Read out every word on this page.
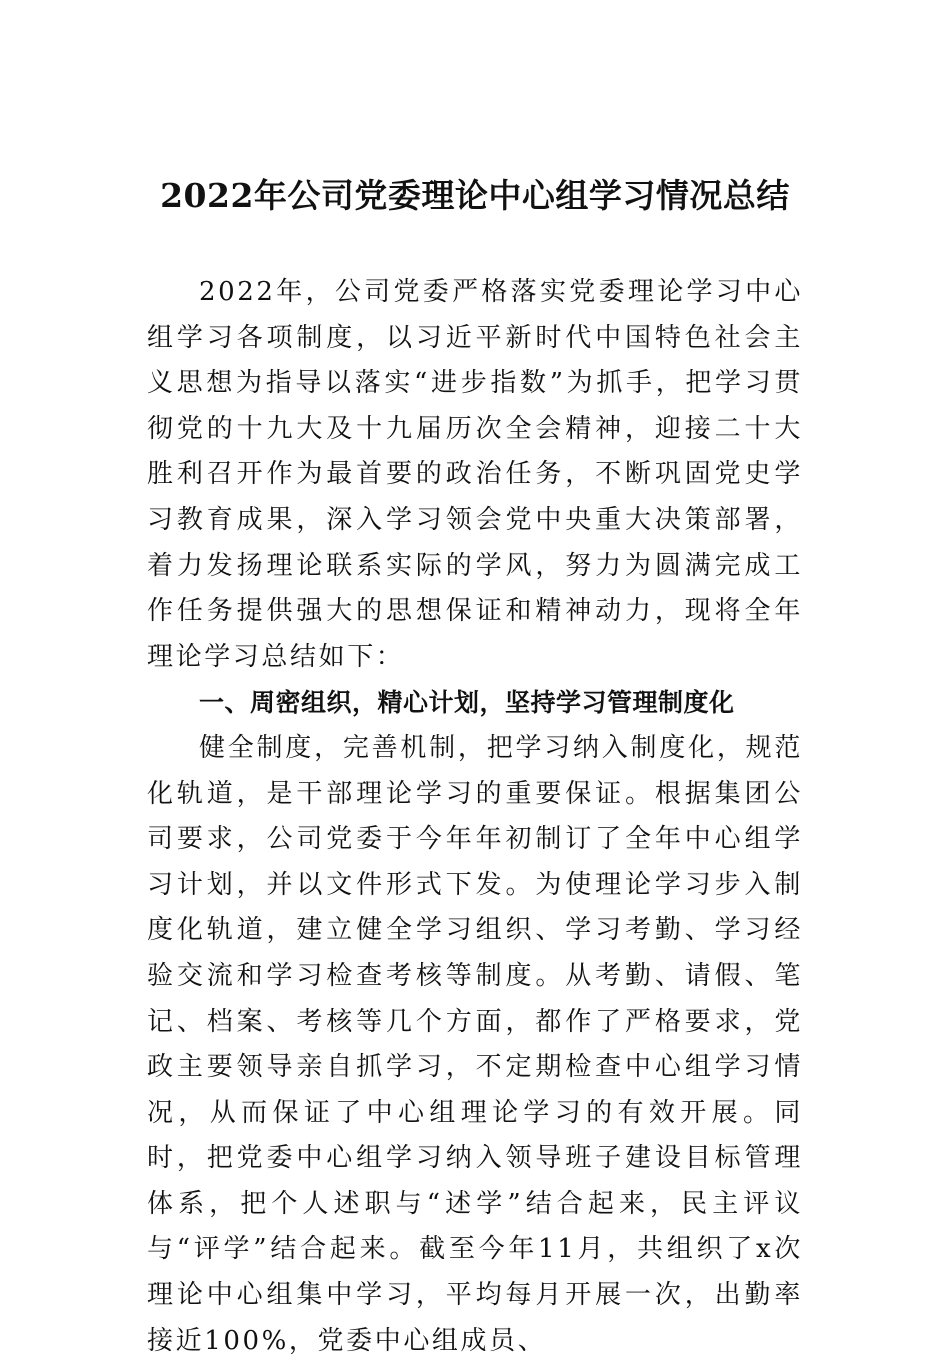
2022年公司党委理论中心组学习情况总结

2022年，公司党委严格落实党委理论学习中心组学习各项制度，以习近平新时代中国特色社会主义思想为指导以落实“进步指数”为抓手，把学习贯彻党的十九大及十九届历次全会精神，迎接二十大胜利召开作为最首要的政治任务，不断巩固党史学习教育成果，深入学习领会党中央重大决策部署，着力发扬理论联系实际的学风，努力为圆满完成工作任务提供强大的思想保证和精神动力，现将全年理论学习总结如下：

一、周密组织，精心计划，坚持学习管理制度化

健全制度，完善机制，把学习纳入制度化，规范化轨道，是干部理论学习的重要保证。根据集团公司要求，公司党委于今年年初制订了全年中心组学习计划，并以文件形式下发。为使理论学习步入制度化轨道，建立健全学习组织、学习考勤、学习经验交流和学习检查考核等制度。从考勤、请假、笔记、档案、考核等几个方面，都作了严格要求，党政主要领导亲自抓学习，不定期检查中心组学习情况，从而保证了中心组理论学习的有效开展。同时，把党委中心组学习纳入领导班子建设目标管理体系，把个人述职与“述学”结合起来，民主评议与“评学”结合起来。截至今年11月，共组织了x次理论中心组集中学习，平均每月开展一次，出勤率接近100%，党委中心组成员、
